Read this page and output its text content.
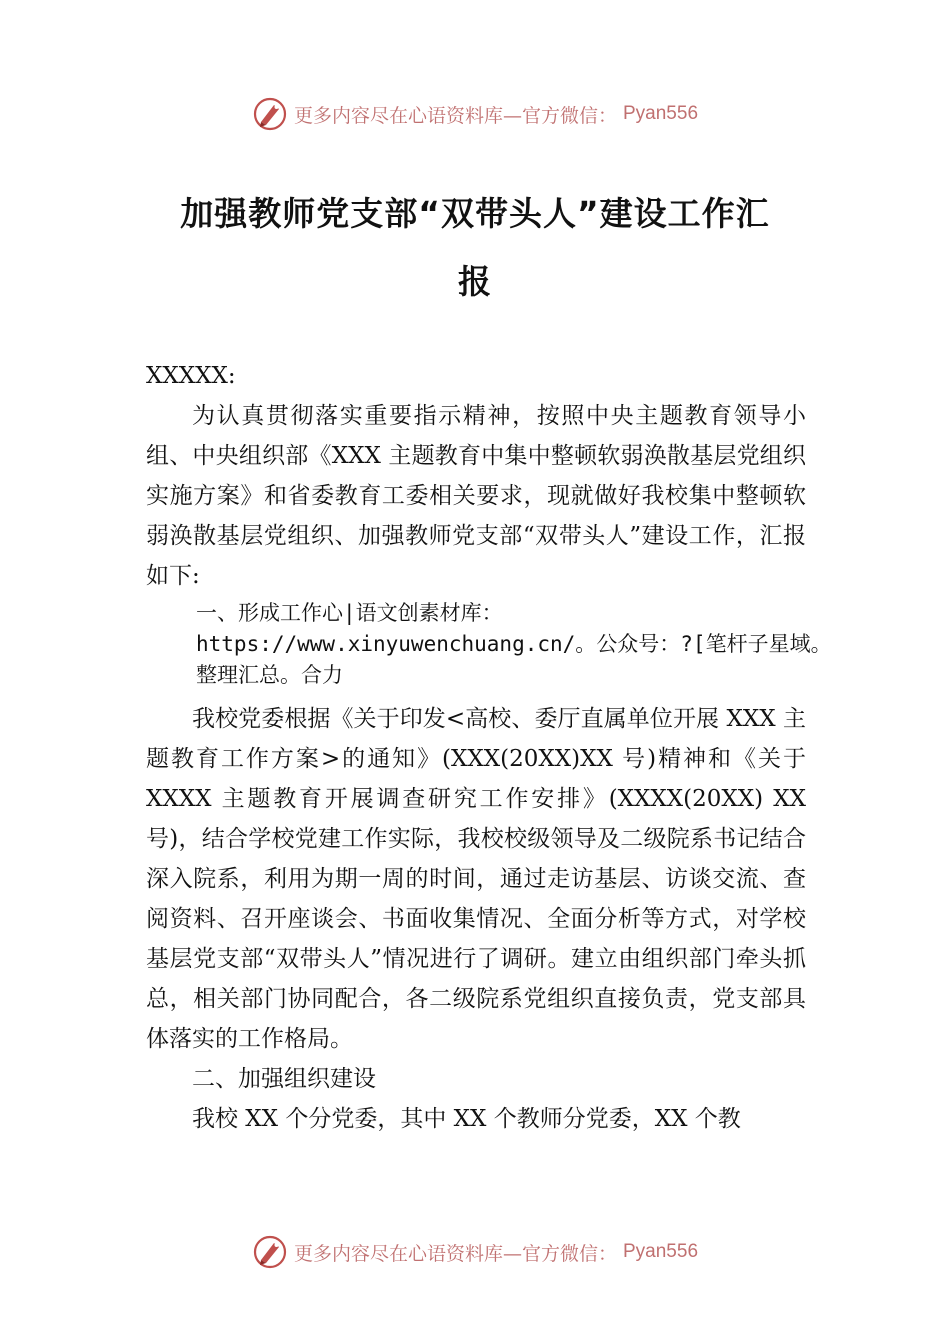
更多内容尽在心语资料库—官方微信： Pyan556
加强教师党支部“双带头人”建设工作汇
报

XXXXX:

为认真贯彻落实重要指示精神，按照中央主题教育领导小组、中央组织部《XXX 主题教育中集中整顿软弱涣散基层党组织实施方案》和省委教育工委相关要求，现就做好我校集中整顿软弱涣散基层党组织、加强教师党支部“双带头人”建设工作，汇报如下:

一、形成工作心|语文创素材库：https://www.xinyuwenchuang.cn/。公众号：?[笔杆子星域。整理汇总。合力

我校党委根据《关于印发<高校、委厅直属单位开展 XXX 主题教育工作方案>的通知》(XXX(20XX)XX 号)精神和《关于 XXXX 主题教育开展调查研究工作安排》(XXXX(20XX) XX 号)，结合学校党建工作实际，我校校级领导及二级院系书记结合深入院系，利用为期一周的时间，通过走访基层、访谈交流、查阅资料、召开座谈会、书面收集情况、全面分析等方式，对学校基层党支部“双带头人”情况进行了调研。建立由组织部门牵头抓总，相关部门协同配合，各二级院系党组织直接负责，党支部具体落实的工作格局。

二、加强组织建设

我校 XX 个分党委，其中 XX 个教师分党委，XX 个教

更多内容尽在心语资料库—官方微信： Pyan556
